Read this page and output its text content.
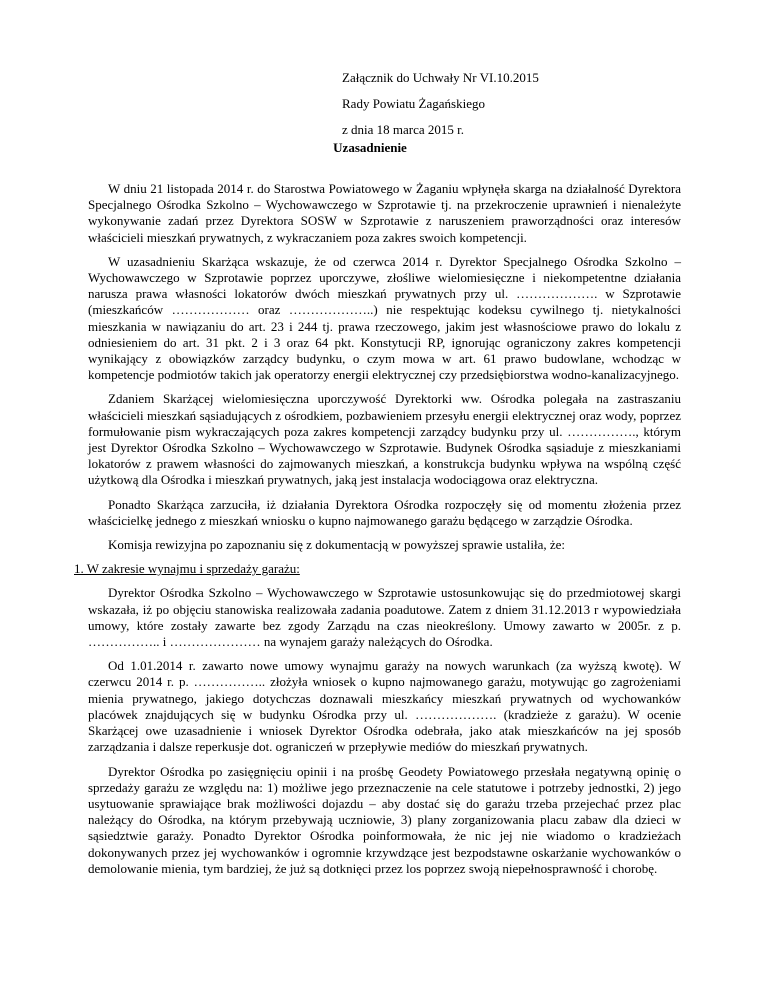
Załącznik do Uchwały Nr VI.10.2015
Rady Powiatu Żagańskiego
z dnia 18 marca 2015 r.
Uzasadnienie

W dniu 21 listopada 2014 r. do Starostwa Powiatowego w Żaganiu wpłynęła skarga na działalność Dyrektora Specjalnego Ośrodka Szkolno – Wychowawczego w Szprotawie tj. na przekroczenie uprawnień i nienależyte wykonywanie zadań przez Dyrektora SOSW w Szprotawie z naruszeniem praworządności oraz interesów właścicieli mieszkań prywatnych, z wykraczaniem poza zakres swoich kompetencji.

W uzasadnieniu Skarżąca wskazuje, że od czerwca 2014 r. Dyrektor Specjalnego Ośrodka Szkolno – Wychowawczego w Szprotawie poprzez uporczywe, złośliwe wielomiesięczne i niekompetentne działania narusza prawa własności lokatorów dwóch mieszkań prywatnych przy ul. ………………. w Szprotawie (mieszkańców ……………… oraz ………………..) nie respektując kodeksu cywilnego tj. nietykalności mieszkania w nawiązaniu do art. 23 i 244 tj. prawa rzeczowego, jakim jest własnościowe prawo do lokalu z odniesieniem do art. 31 pkt. 2 i 3 oraz 64 pkt. Konstytucji RP, ignorując ograniczony zakres kompetencji wynikający z obowiązków zarządcy budynku, o czym mowa w art. 61 prawo budowlane, wchodząc w kompetencje podmiotów takich jak operatorzy energii elektrycznej czy przedsiębiorstwa wodno-kanalizacyjnego.

Zdaniem Skarżącej wielomiesięczna uporczywość Dyrektorki ww. Ośrodka polegała na zastraszaniu właścicieli mieszkań sąsiadujących z ośrodkiem, pozbawieniem przesyłu energii elektrycznej oraz wody, poprzez formułowanie pism wykraczających poza zakres kompetencji zarządcy budynku przy ul. ……………., którym jest Dyrektor Ośrodka Szkolno – Wychowawczego w Szprotawie. Budynek Ośrodka sąsiaduje z mieszkaniami lokatorów z prawem własności do zajmowanych mieszkań, a konstrukcja budynku wpływa na wspólną część użytkową dla Ośrodka i mieszkań prywatnych, jaką jest instalacja wodociągowa oraz elektryczna.

Ponadto Skarżąca zarzuciła, iż działania Dyrektora Ośrodka rozpoczęły się od momentu złożenia przez właścicielkę jednego z mieszkań wniosku o kupno najmowanego garażu będącego w zarządzie Ośrodka.

Komisja rewizyjna po zapoznaniu się z dokumentacją w powyższej sprawie ustaliła, że:

1. W zakresie wynajmu i sprzedaży garażu:

Dyrektor Ośrodka Szkolno – Wychowawczego w Szprotawie ustosunkowując się do przedmiotowej skargi wskazała, iż po objęciu stanowiska realizowała zadania poadutowe. Zatem z dniem 31.12.2013 r wypowiedziała umowy, które zostały zawarte bez zgody Zarządu na czas nieokreślony. Umowy zawarto w 2005r. z p. …………….. i ………………… na wynajem garaży należących do Ośrodka.

Od 1.01.2014 r. zawarto nowe umowy wynajmu garaży na nowych warunkach (za wyższą kwotę). W czerwcu 2014 r. p. …………….. złożyła wniosek o kupno najmowanego garażu, motywując go zagrożeniami mienia prywatnego, jakiego dotychczas doznawali mieszkańcy mieszkań prywatnych od wychowanków placówek znajdujących się w budynku Ośrodka przy ul. ………………. (kradzieże z garażu). W ocenie Skarżącej owe uzasadnienie i wniosek Dyrektor Ośrodka odebrała, jako atak mieszkańców na jej sposób zarządzania i dalsze reperkusje dot. ograniczeń w przepływie mediów do mieszkań prywatnych.

Dyrektor Ośrodka po zasięgnięciu opinii i na prośbę Geodety Powiatowego przesłała negatywną opinię o sprzedaży garażu ze względu na: 1) możliwe jego przeznaczenie na cele statutowe i potrzeby jednostki, 2) jego usytuowanie sprawiające brak możliwości dojazdu – aby dostać się do garażu trzeba przejechać przez plac należący do Ośrodka, na którym przebywają uczniowie, 3) plany zorganizowania placu zabaw dla dzieci w sąsiedztwie garaży. Ponadto Dyrektor Ośrodka poinformowała, że nic jej nie wiadomo o kradzieżach dokonywanych przez jej wychowanków i ogromnie krzywdzące jest bezpodstawne oskarżanie wychowanków o demolowanie mienia, tym bardziej, że już są dotknięci przez los poprzez swoją niepełnosprawność i chorobę.
